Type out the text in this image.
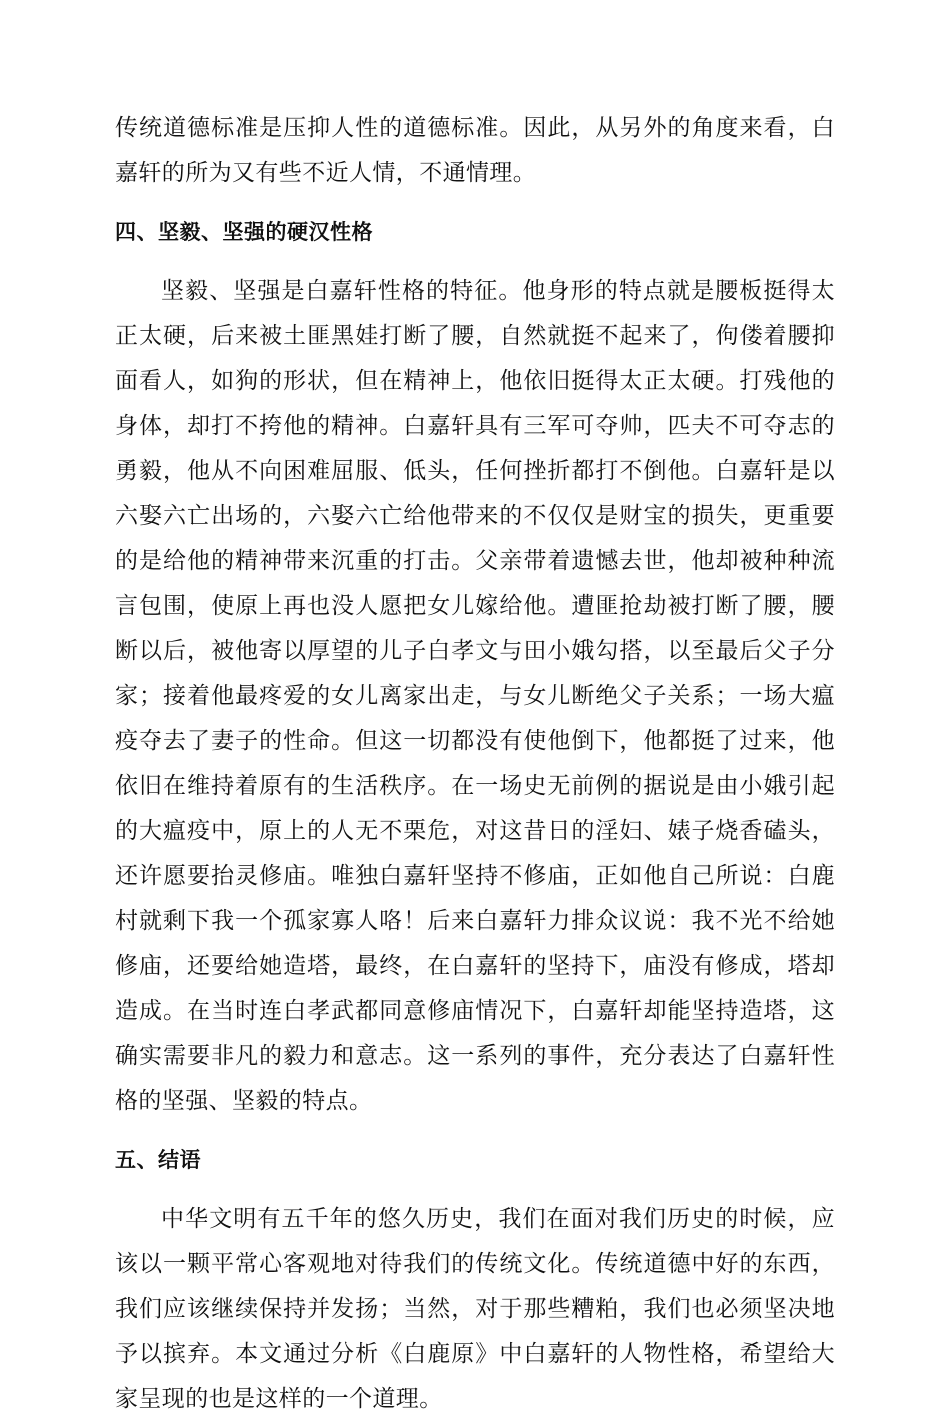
传统道德标准是压抑人性的道德标准。因此，从另外的角度来看，白嘉轩的所为又有些不近人情，不通情理。

四、坚毅、坚强的硬汉性格

坚毅、坚强是白嘉轩性格的特征。他身形的特点就是腰板挺得太正太硬，后来被土匪黑娃打断了腰，自然就挺不起来了，佝偻着腰抑面看人，如狗的形状，但在精神上，他依旧挺得太正太硬。打残他的身体，却打不挎他的精神。白嘉轩具有三军可夺帅，匹夫不可夺志的勇毅，他从不向困难屈服、低头，任何挫折都打不倒他。白嘉轩是以六娶六亡出场的，六娶六亡给他带来的不仅仅是财宝的损失，更重要的是给他的精神带来沉重的打击。父亲带着遗憾去世，他却被种种流言包围，使原上再也没人愿把女儿嫁给他。遭匪抢劫被打断了腰，腰断以后，被他寄以厚望的儿子白孝文与田小娥勾搭，以至最后父子分家；接着他最疼爱的女儿离家出走，与女儿断绝父子关系；一场大瘟疫夺去了妻子的性命。但这一切都没有使他倒下，他都挺了过来，他依旧在维持着原有的生活秩序。在一场史无前例的据说是由小娥引起的大瘟疫中，原上的人无不栗危，对这昔日的淫妇、婊子烧香磕头，还许愿要抬灵修庙。唯独白嘉轩坚持不修庙，正如他自己所说：白鹿村就剩下我一个孤家寡人咯！后来白嘉轩力排众议说：我不光不给她修庙，还要给她造塔，最终，在白嘉轩的坚持下，庙没有修成，塔却造成。在当时连白孝武都同意修庙情况下，白嘉轩却能坚持造塔，这确实需要非凡的毅力和意志。这一系列的事件，充分表达了白嘉轩性格的坚强、坚毅的特点。

五、结语

中华文明有五千年的悠久历史，我们在面对我们历史的时候，应该以一颗平常心客观地对待我们的传统文化。传统道德中好的东西，我们应该继续保持并发扬；当然，对于那些糟粕，我们也必须坚决地予以摈弃。本文通过分析《白鹿原》中白嘉轩的人物性格，希望给大家呈现的也是这样的一个道理。
